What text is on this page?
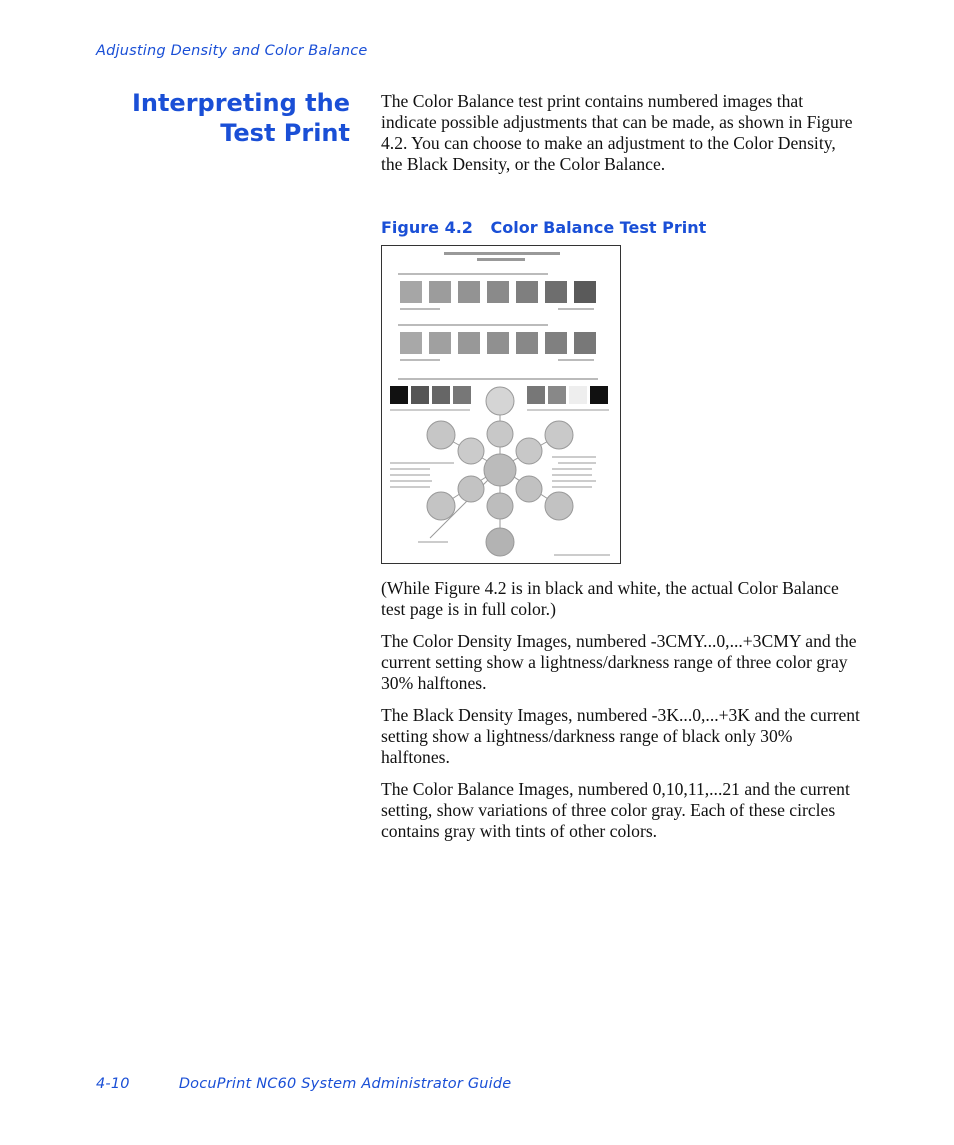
Adjusting Density and Color Balance
Interpreting the
Test Print

The Color Balance test print contains numbered images that indicate possible adjustments that can be made, as shown in Figure 4.2. You can choose to make an adjustment to the Color Density, the Black Density, or the Color Balance.

Figure 4.2 Color Balance Test Print

(While Figure 4.2 is in black and white, the actual Color Balance test page is in full color.)

The Color Density Images, numbered -3CMY...0,...+3CMY and the current setting show a lightness/darkness range of three color gray 30% halftones.

The Black Density Images, numbered -3K...0,...+3K and the current setting show a lightness/darkness range of black only 30% halftones.

The Color Balance Images, numbered 0,10,11,...21 and the current setting, show variations of three color gray. Each of these circles contains gray with tints of other colors.

4-10	DocuPrint NC60 System Administrator Guide
